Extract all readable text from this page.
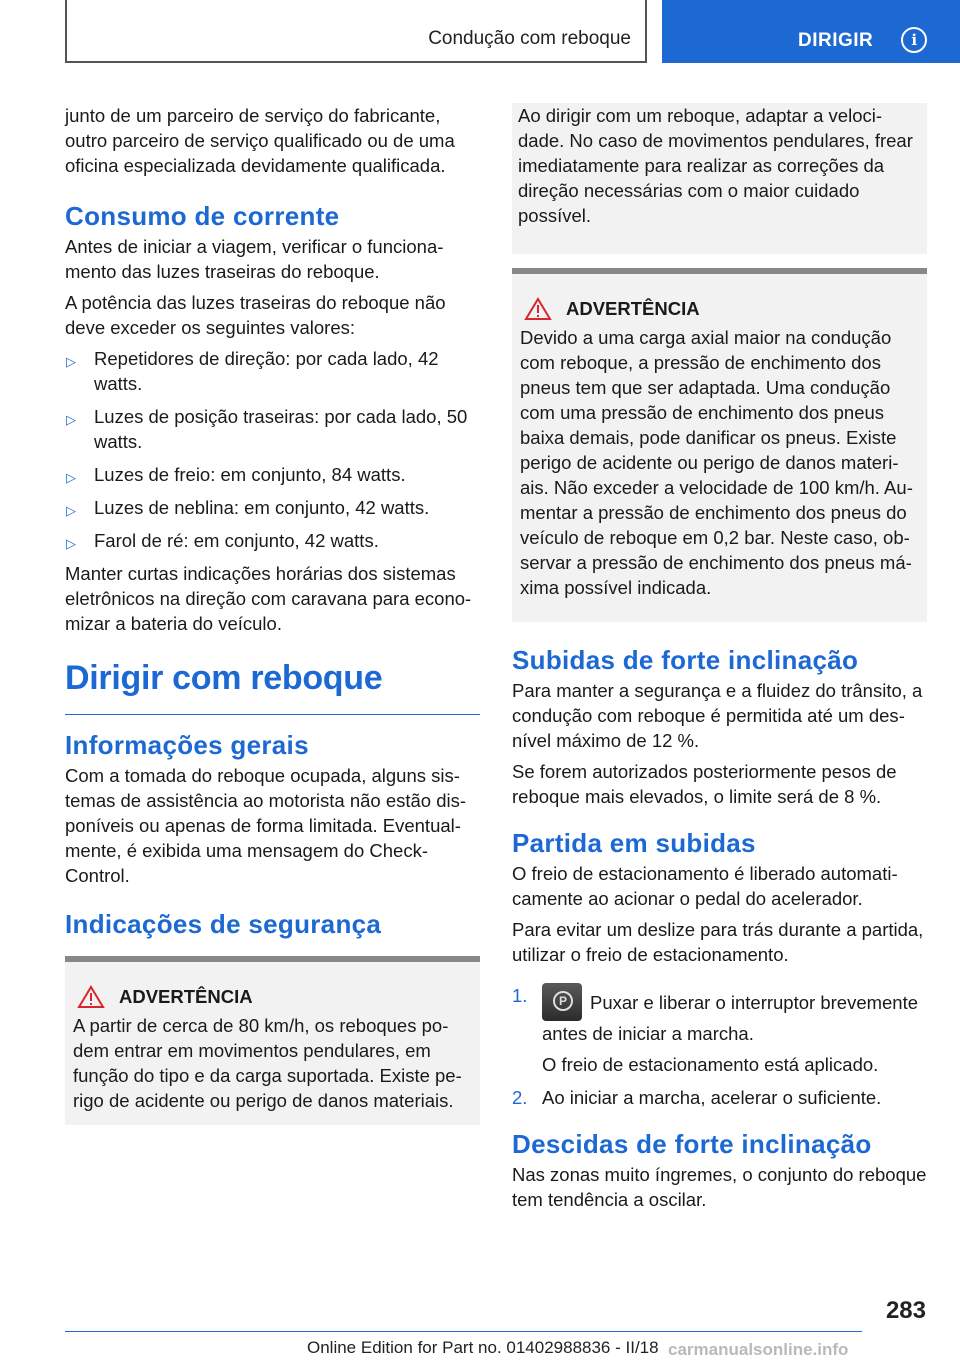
Condução com reboque	DIRIGIR	i

junto de um parceiro de serviço do fabricante, outro parceiro de serviço qualificado ou de uma oficina especializada devidamente qualificada.

Consumo de corrente

Antes de iniciar a viagem, verificar o funcionamento das luzes traseiras do reboque.

A potência das luzes traseiras do reboque não deve exceder os seguintes valores:

▷ Repetidores de direção: por cada lado, 42 watts.
▷ Luzes de posição traseiras: por cada lado, 50 watts.
▷ Luzes de freio: em conjunto, 84 watts.
▷ Luzes de neblina: em conjunto, 42 watts.
▷ Farol de ré: em conjunto, 42 watts.

Manter curtas indicações horárias dos sistemas eletrônicos na direção com caravana para economizar a bateria do veículo.

Dirigir com reboque
Informações gerais

Com a tomada do reboque ocupada, alguns sistemas de assistência ao motorista não estão disponíveis ou apenas de forma limitada. Eventualmente, é exibida uma mensagem do Check-Control.

Indicações de segurança
ADVERTÊNCIA

A partir de cerca de 80 km/h, os reboques podem entrar em movimentos pendulares, em função do tipo e da carga suportada. Existe perigo de acidente ou perigo de danos materiais.

Ao dirigir com um reboque, adaptar a velocidade. No caso de movimentos pendulares, frear imediatamente para realizar as correções da direção necessárias com o maior cuidado possível.

ADVERTÊNCIA

Devido a uma carga axial maior na condução com reboque, a pressão de enchimento dos pneus tem que ser adaptada. Uma condução com uma pressão de enchimento dos pneus baixa demais, pode danificar os pneus. Existe perigo de acidente ou perigo de danos materiais. Não exceder a velocidade de 100 km/h. Aumentar a pressão de enchimento dos pneus do veículo de reboque em 0,2 bar. Neste caso, observar a pressão de enchimento dos pneus máxima possível indicada.

Subidas de forte inclinação

Para manter a segurança e a fluidez do trânsito, a condução com reboque é permitida até um desnível máximo de 12 %.

Se forem autorizados posteriormente pesos de reboque mais elevados, o limite será de 8 %.

Partida em subidas

O freio de estacionamento é liberado automaticamente ao acionar o pedal do acelerador.

Para evitar um deslize para trás durante a partida, utilizar o freio de estacionamento.

1.
P	Puxar e liberar o interruptor brevemente antes de iniciar a marcha.
O freio de estacionamento está aplicado.
2. Ao iniciar a marcha, acelerar o suficiente.
Descidas de forte inclinação

Nas zonas muito íngremes, o conjunto do reboque tem tendência a oscilar.

283
Online Edition for Part no. 01402988836 - II/18 carmanualsonline.info
